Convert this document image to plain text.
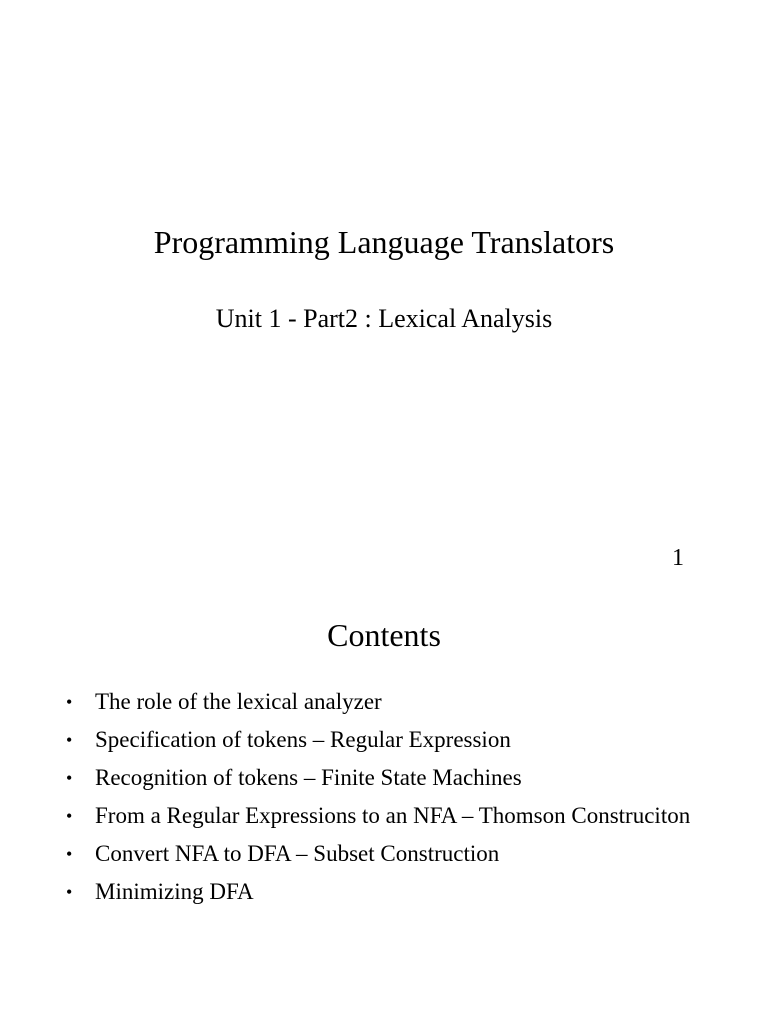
Programming Language Translators
Unit 1 - Part2 : Lexical Analysis
1
Contents
• The role of the lexical analyzer
• Specification of tokens – Regular Expression
• Recognition of tokens – Finite State Machines
• From a Regular Expressions to an NFA – Thomson Construciton
• Convert NFA to DFA – Subset Construction
• Minimizing DFA
